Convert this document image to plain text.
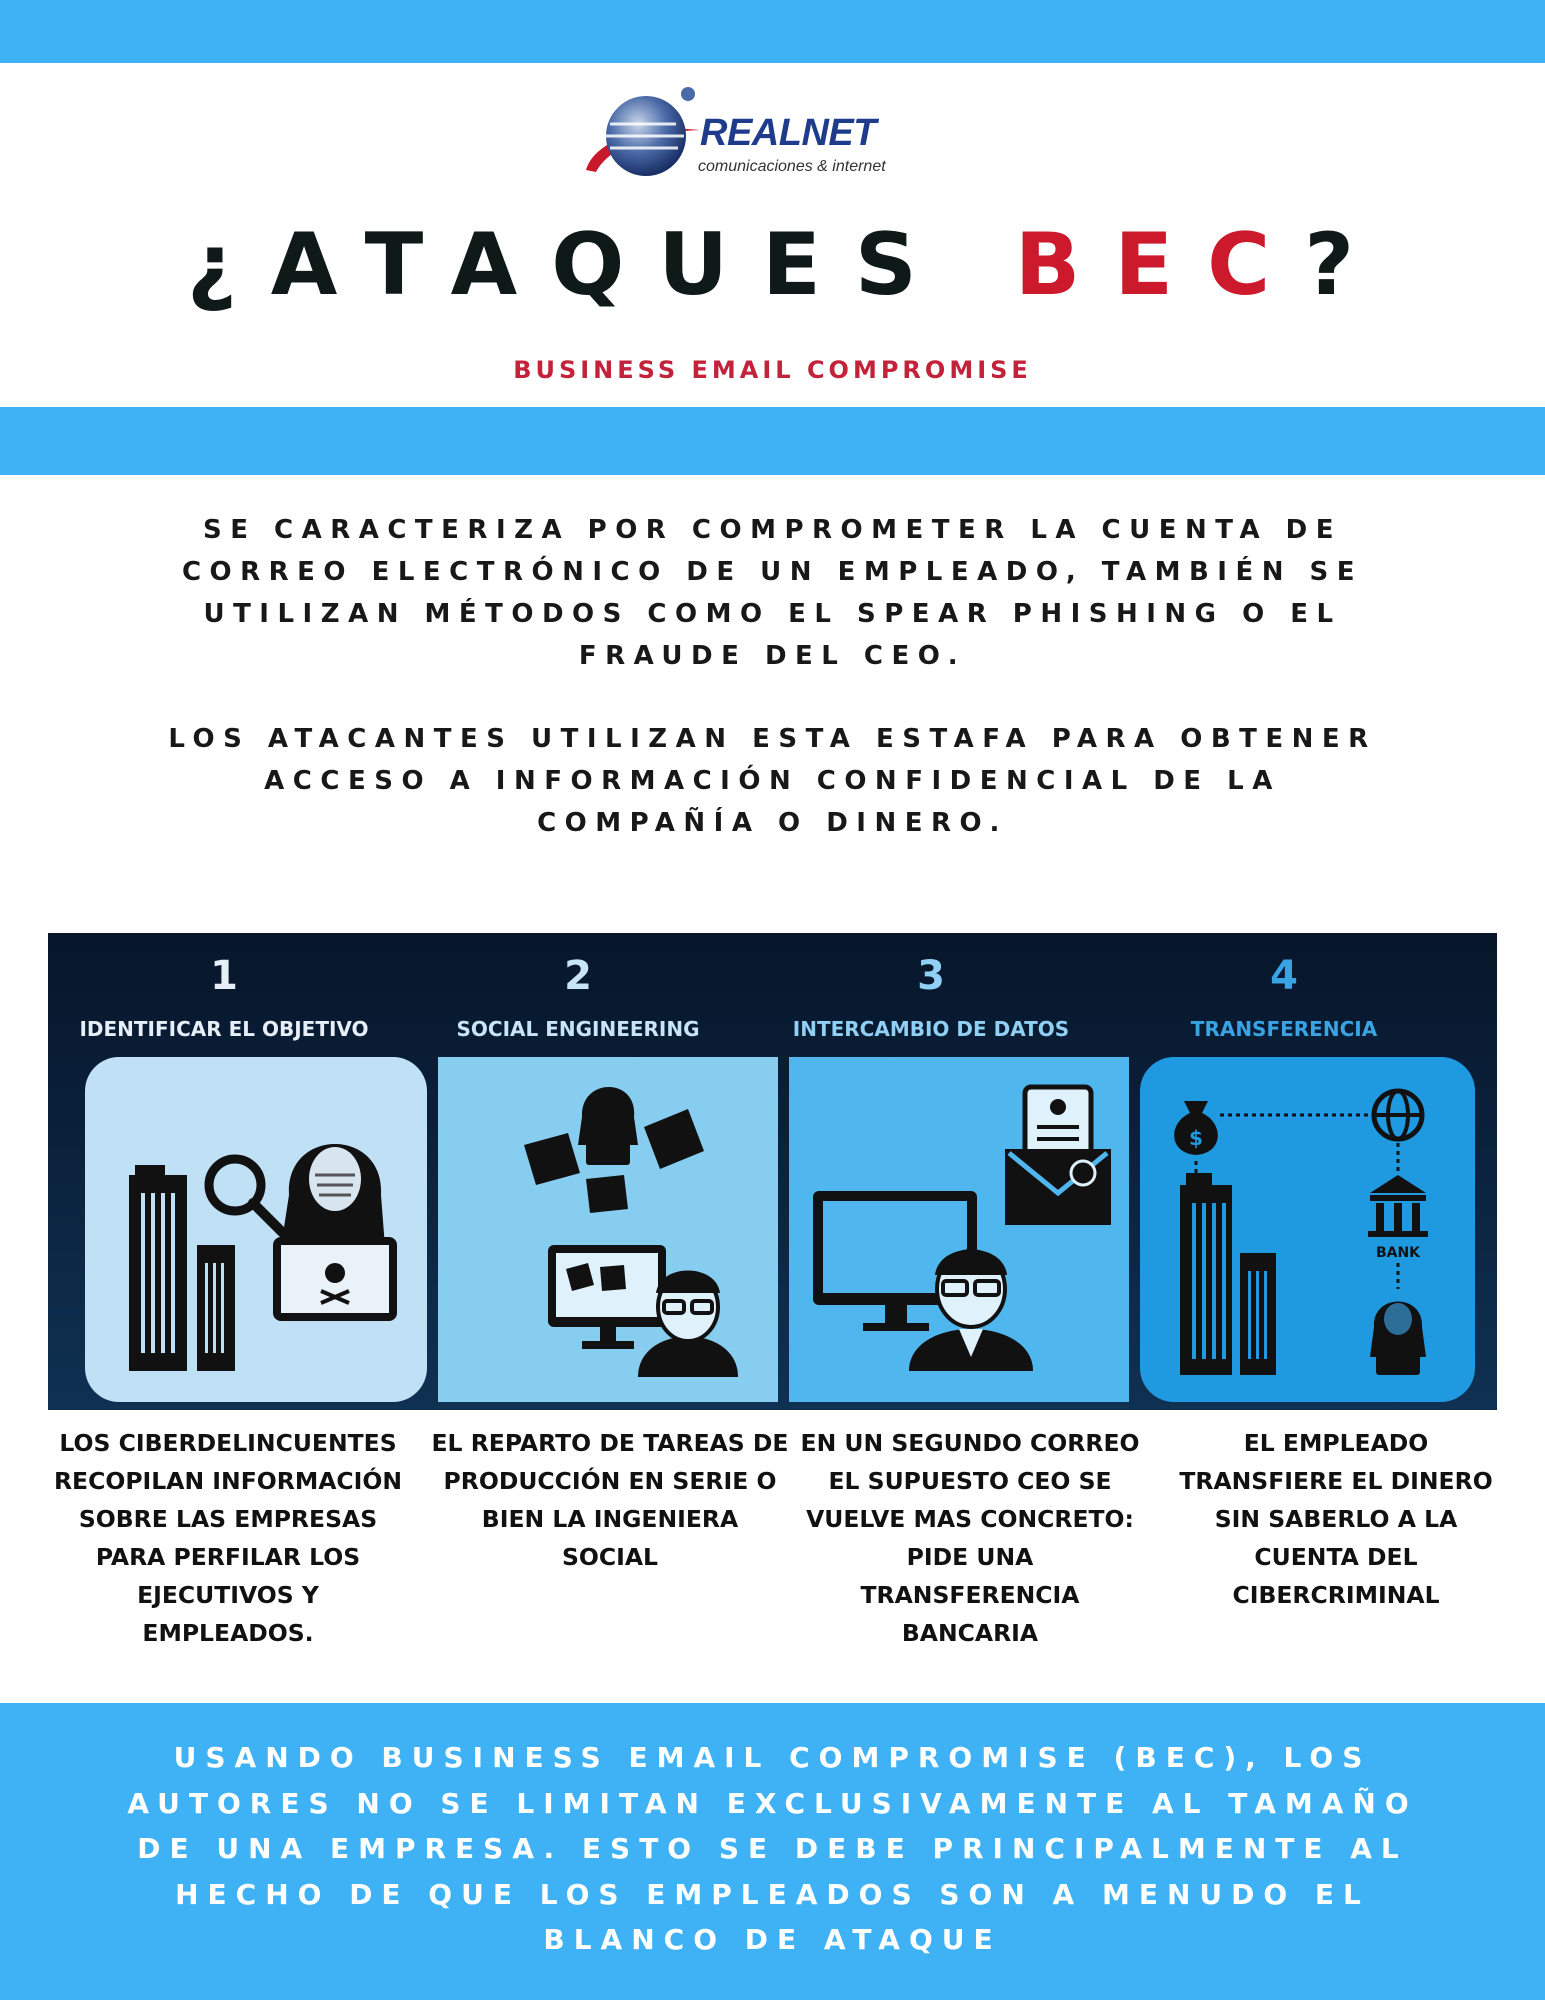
REALNET
comunicaciones & internet
¿ATAQUES BEC?
BUSINESS EMAIL COMPROMISE
SE CARACTERIZA POR COMPROMETER LA CUENTA DE CORREO ELECTRÓNICO DE UN EMPLEADO, TAMBIÉN SE UTILIZAN MÉTODOS COMO EL SPEAR PHISHING O EL FRAUDE DEL CEO.
LOS ATACANTES UTILIZAN ESTA ESTAFA PARA OBTENER ACCESO A INFORMACIÓN CONFIDENCIAL DE LA COMPAÑÍA O DINERO.
1
IDENTIFICAR EL OBJETIVO
2
SOCIAL ENGINEERING
3
INTERCAMBIO DE DATOS
4
TRANSFERENCIA
$
BANK
LOS CIBERDELINCUENTES RECOPILAN INFORMACIÓN SOBRE LAS EMPRESAS PARA PERFILAR LOS EJECUTIVOS Y EMPLEADOS.
EL REPARTO DE TAREAS DE PRODUCCIÓN EN SERIE O BIEN LA INGENIERA SOCIAL
EN UN SEGUNDO CORREO EL SUPUESTO CEO SE VUELVE MAS CONCRETO: PIDE UNA TRANSFERENCIA BANCARIA
EL EMPLEADO TRANSFIERE EL DINERO SIN SABERLO A LA CUENTA DEL CIBERCRIMINAL
USANDO BUSINESS EMAIL COMPROMISE (BEC), LOS AUTORES NO SE LIMITAN EXCLUSIVAMENTE AL TAMAÑO DE UNA EMPRESA. ESTO SE DEBE PRINCIPALMENTE AL HECHO DE QUE LOS EMPLEADOS SON A MENUDO EL BLANCO DE ATAQUE
